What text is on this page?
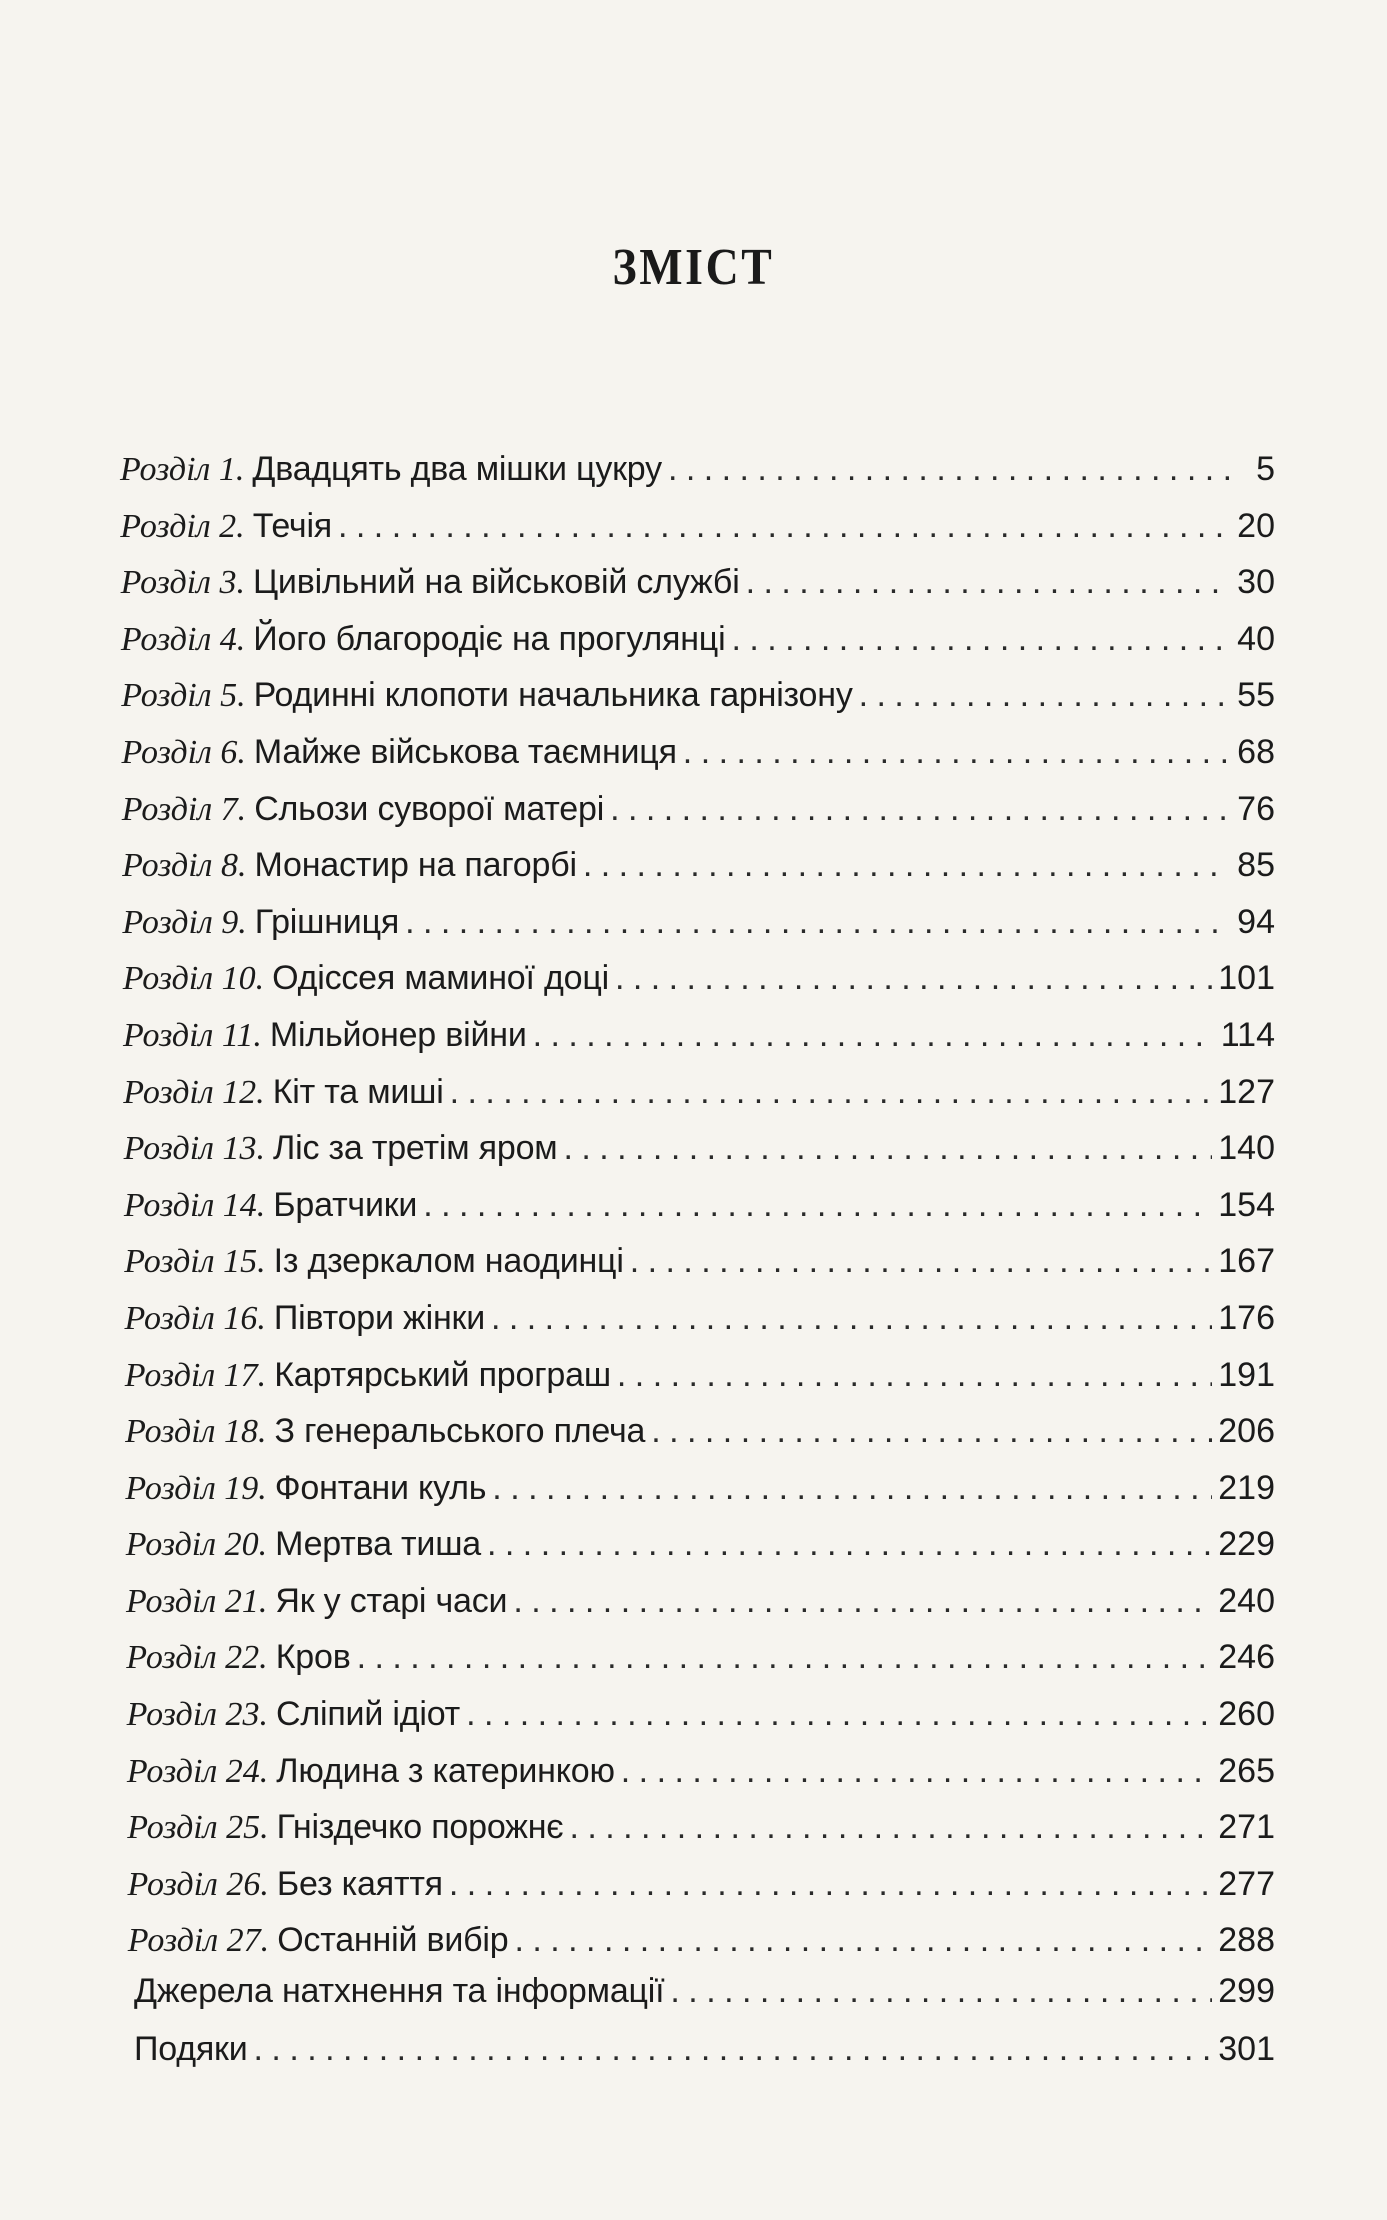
ЗМІСТ
Розділ 1. Двадцять два мішки цукру . . .	5
Розділ 2. Течія . . .	20
Розділ 3. Цивільний на військовій службі . . .	30
Розділ 4. Його благородіє на прогулянці . . .	40
Розділ 5. Родинні клопоти начальника гарнізону . . .	55
Розділ 6. Майже військова таємниця . . .	68
Розділ 7. Сльози суворої матері . . .	76
Розділ 8. Монастир на пагорбі . . .	85
Розділ 9. Грішниця . . .	94
Розділ 10. Одіссея маминої доці . . .	101
Розділ 11. Мільйонер війни . . .	114
Розділ 12. Кіт та миші . . .	127
Розділ 13. Ліс за третім яром . . .	140
Розділ 14. Братчики . . .	154
Розділ 15. Із дзеркалом наодинці . . .	167
Розділ 16. Півтори жінки . . .	176
Розділ 17. Картярський програш . . .	191
Розділ 18. З генеральського плеча . . .	206
Розділ 19. Фонтани куль . . .	219
Розділ 20. Мертва тиша . . .	229
Розділ 21. Як у старі часи . . .	240
Розділ 22. Кров . . .	246
Розділ 23. Сліпий ідіот . . .	260
Розділ 24. Людина з катеринкою . . .	265
Розділ 25. Гніздечко порожнє . . .	271
Розділ 26. Без каяття . . .	277
Розділ 27. Останній вибір . . .	288
Джерела натхнення та інформації . . .	299
Подяки . . .	301
